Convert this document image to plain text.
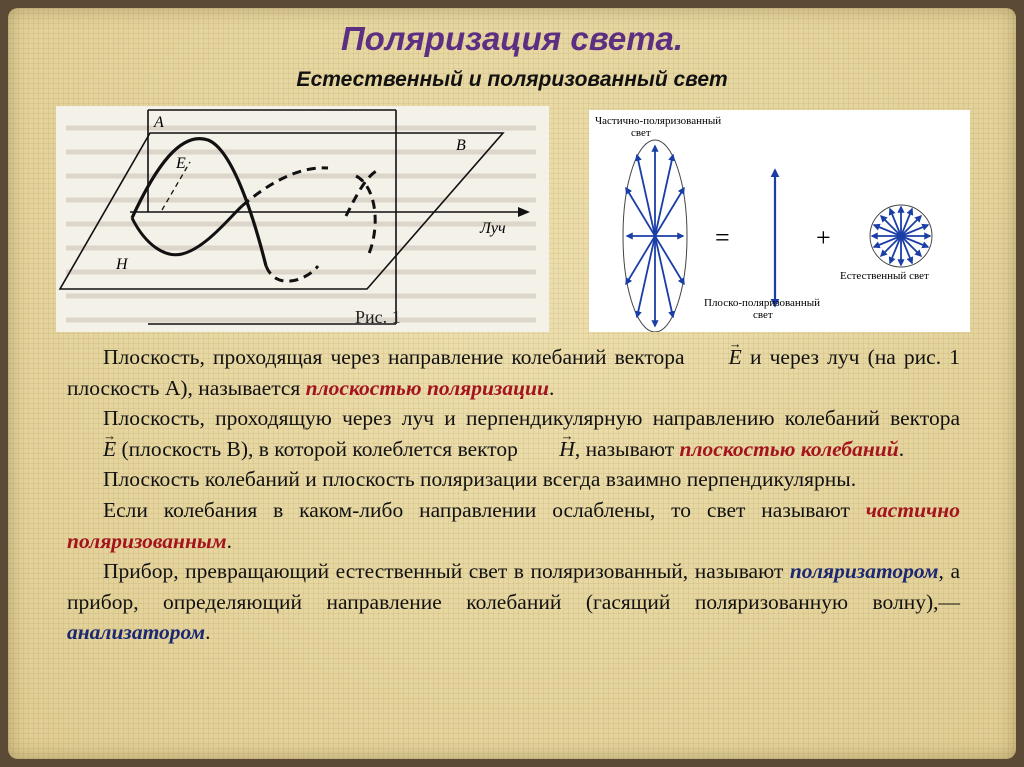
Поляризация света.
Естественный и поляризованный свет
A
E
H
B
Луч
Рис. 1
Частично-поляризованный
свет
=	+
Естественный свет
Плоско-поляризованный
свет

Плоскость, проходящая через направление колебаний вектора → E и через луч (на рис. 1 плоскость А), называется плоскостью поляризации.

Плоскость, проходящую через луч и перпендикулярную направлению колебаний вектора → E (плоскость В), в которой колеблется вектор → H, называют плоскостью колебаний.

Плоскость колебаний и плоскость поляризации всегда взаимно перпендикулярны.

Если колебания в каком-либо направлении ослаблены, то свет называют частично поляризованным.

Прибор, превращающий естественный свет в поляризованный, называют поляризатором, а прибор, определяющий направление колебаний (гасящий поляризованную волну),— анализатором.
